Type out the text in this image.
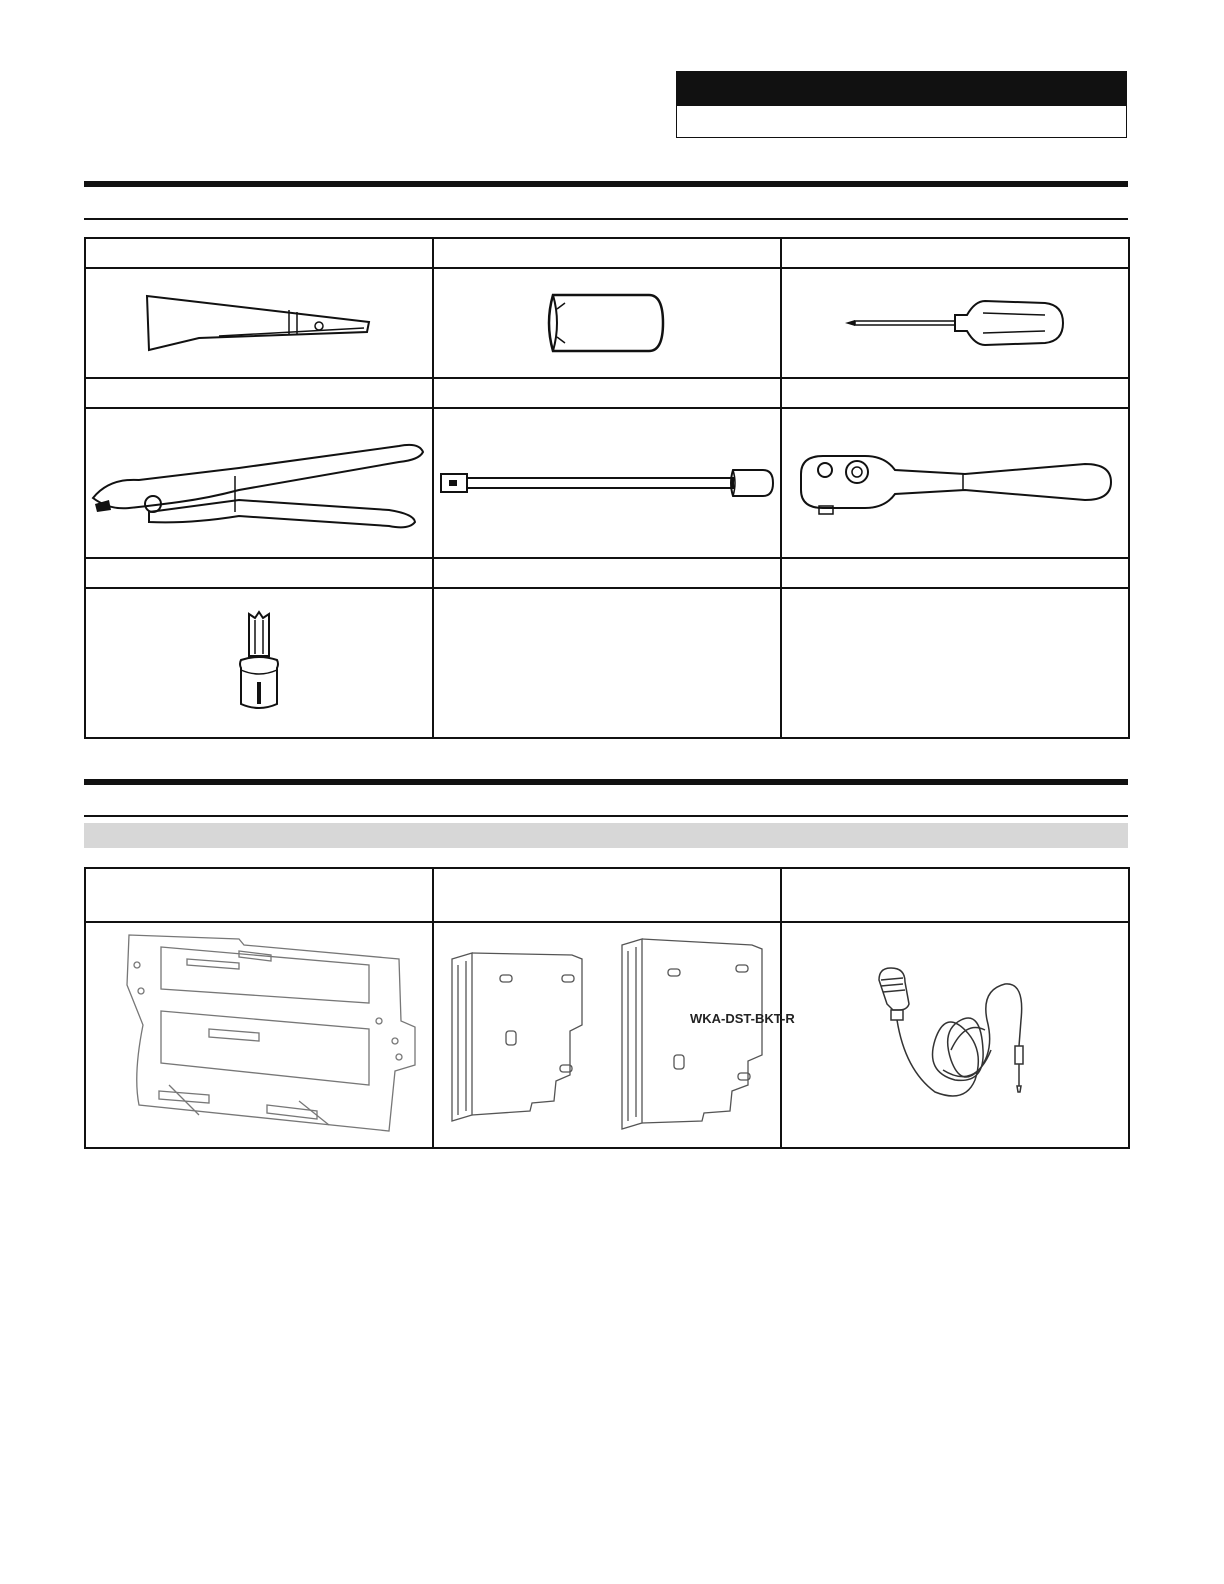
WKA-DST-BKT-R
